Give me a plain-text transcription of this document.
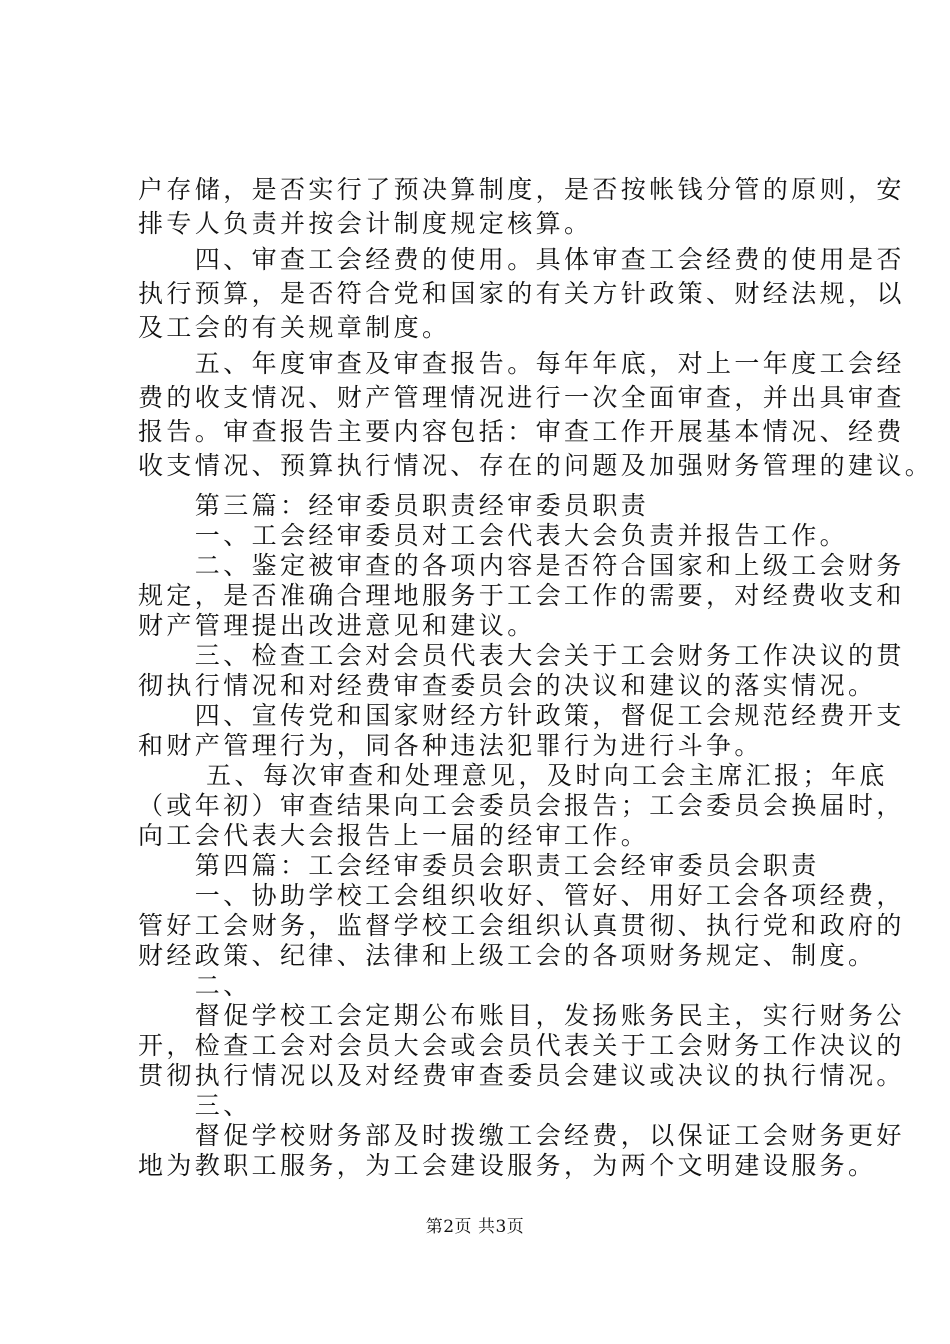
户存储，是否实行了预决算制度，是否按帐钱分管的原则，安
排专人负责并按会计制度规定核算。
　　四、审查工会经费的使用。具体审查工会经费的使用是否
执行预算，是否符合党和国家的有关方针政策、财经法规，以
及工会的有关规章制度。
　　五、年度审查及审查报告。每年年底，对上一年度工会经
费的收支情况、财产管理情况进行一次全面审查，并出具审查
报告。审查报告主要内容包括：审查工作开展基本情况、经费
收支情况、预算执行情况、存在的问题及加强财务管理的建议。
　　第三篇：经审委员职责经审委员职责
　　一、工会经审委员对工会代表大会负责并报告工作。
　　二、鉴定被审查的各项内容是否符合国家和上级工会财务
规定，是否准确合理地服务于工会工作的需要，对经费收支和
财产管理提出改进意见和建议。
　　三、检查工会对会员代表大会关于工会财务工作决议的贯
彻执行情况和对经费审查委员会的决议和建议的落实情况。
　　四、宣传党和国家财经方针政策，督促工会规范经费开支
和财产管理行为，同各种违法犯罪行为进行斗争。
　　 五、每次审查和处理意见，及时向工会主席汇报；年底
（或年初）审查结果向工会委员会报告；工会委员会换届时，
向工会代表大会报告上一届的经审工作。
　　第四篇：工会经审委员会职责工会经审委员会职责
　　一、协助学校工会组织收好、管好、用好工会各项经费，
管好工会财务，监督学校工会组织认真贯彻、执行党和政府的
财经政策、纪律、法律和上级工会的各项财务规定、制度。
第2页 共3页
　　二、
　　督促学校工会定期公布账目，发扬账务民主，实行财务公
开，检查工会对会员大会或会员代表关于工会财务工作决议的
贯彻执行情况以及对经费审查委员会建议或决议的执行情况。
　　三、
　　督促学校财务部及时拨缴工会经费，以保证工会财务更好
地为教职工服务，为工会建设服务，为两个文明建设服务。
